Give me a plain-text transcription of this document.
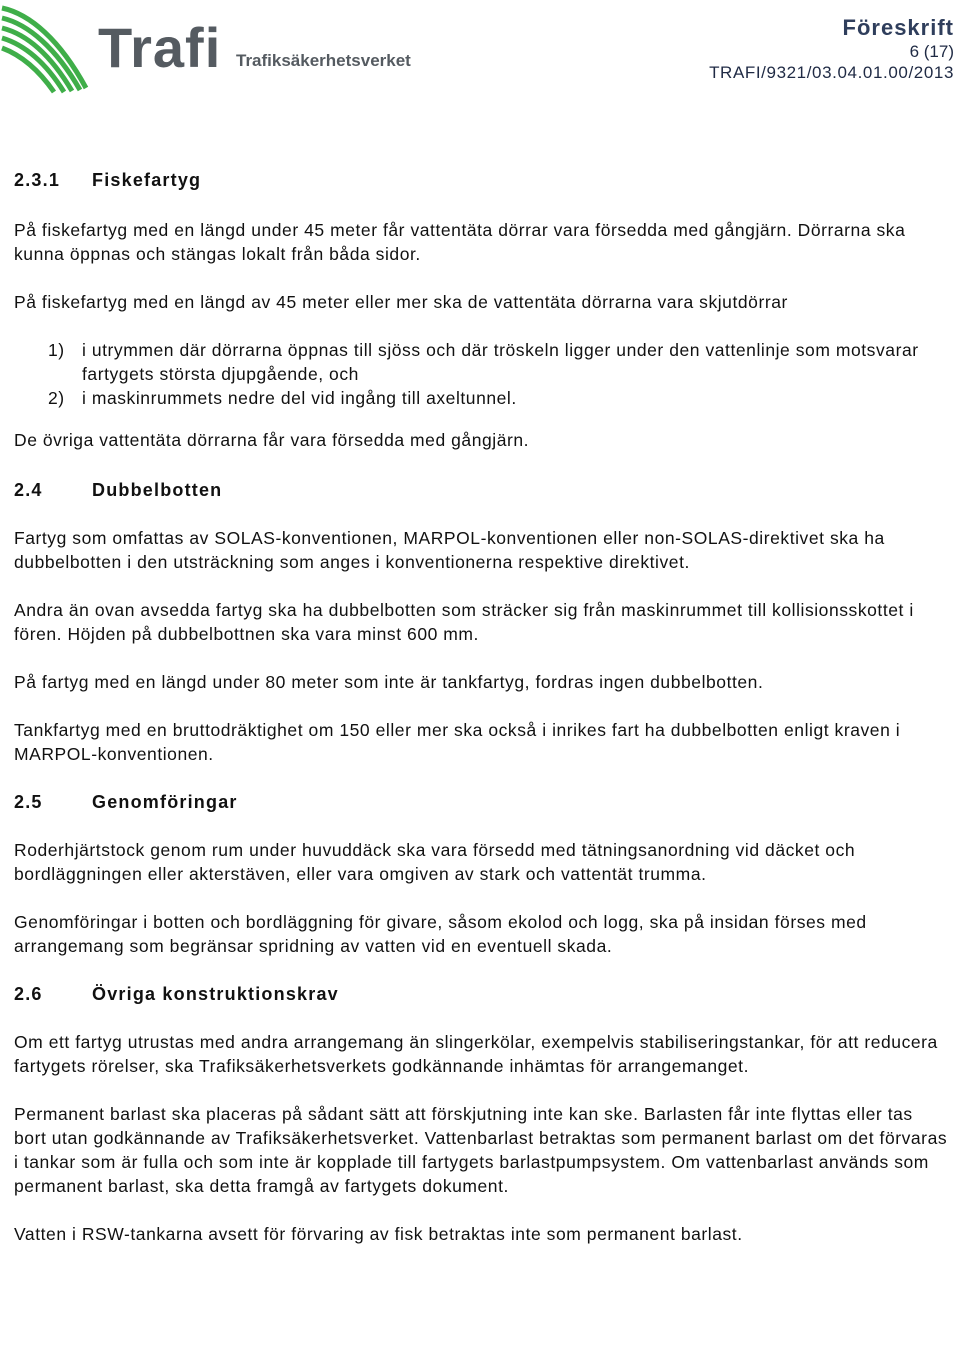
Trafi Trafiksäkerhetsverket
Föreskrift
6 (17)
TRAFI/9321/03.04.01.00/2013
2.3.1 Fiskefartyg

På fiskefartyg med en längd under 45 meter får vattentäta dörrar vara försedda med gångjärn. Dörrarna ska kunna öppnas och stängas lokalt från båda sidor.

På fiskefartyg med en längd av 45 meter eller mer ska de vattentäta dörrarna vara skjutdörrar

1) i utrymmen där dörrarna öppnas till sjöss och där tröskeln ligger under den vattenlinje som motsvarar fartygets största djupgående, och
2) i maskinrummets nedre del vid ingång till axeltunnel.

De övriga vattentäta dörrarna får vara försedda med gångjärn.

2.4	Dubbelbotten

Fartyg som omfattas av SOLAS-konventionen, MARPOL-konventionen eller non-SOLAS-direktivet ska ha dubbelbotten i den utsträckning som anges i konventionerna respektive direktivet.

Andra än ovan avsedda fartyg ska ha dubbelbotten som sträcker sig från maskinrummet till kollisionsskottet i fören. Höjden på dubbelbottnen ska vara minst 600 mm.

På fartyg med en längd under 80 meter som inte är tankfartyg, fordras ingen dubbelbotten.

Tankfartyg med en bruttodräktighet om 150 eller mer ska också i inrikes fart ha dubbelbotten enligt kraven i MARPOL-konventionen.

2.5	Genomföringar

Roderhjärtstock genom rum under huvuddäck ska vara försedd med tätningsanordning vid däcket och bordläggningen eller akterstäven, eller vara omgiven av stark och vattentät trumma.

Genomföringar i botten och bordläggning för givare, såsom ekolod och logg, ska på insidan förses med arrangemang som begränsar spridning av vatten vid en eventuell skada.

2.6	Övriga konstruktionskrav

Om ett fartyg utrustas med andra arrangemang än slingerkölar, exempelvis stabiliseringstankar, för att reducera fartygets rörelser, ska Trafiksäkerhetsverkets godkännande inhämtas för arrangemanget.

Permanent barlast ska placeras på sådant sätt att förskjutning inte kan ske. Barlasten får inte flyttas eller tas bort utan godkännande av Trafiksäkerhetsverket. Vattenbarlast betraktas som permanent barlast om det förvaras i tankar som är fulla och som inte är kopplade till fartygets barlastpumpsystem. Om vattenbarlast används som permanent barlast, ska detta framgå av fartygets dokument.

Vatten i RSW-tankarna avsett för förvaring av fisk betraktas inte som permanent barlast.
